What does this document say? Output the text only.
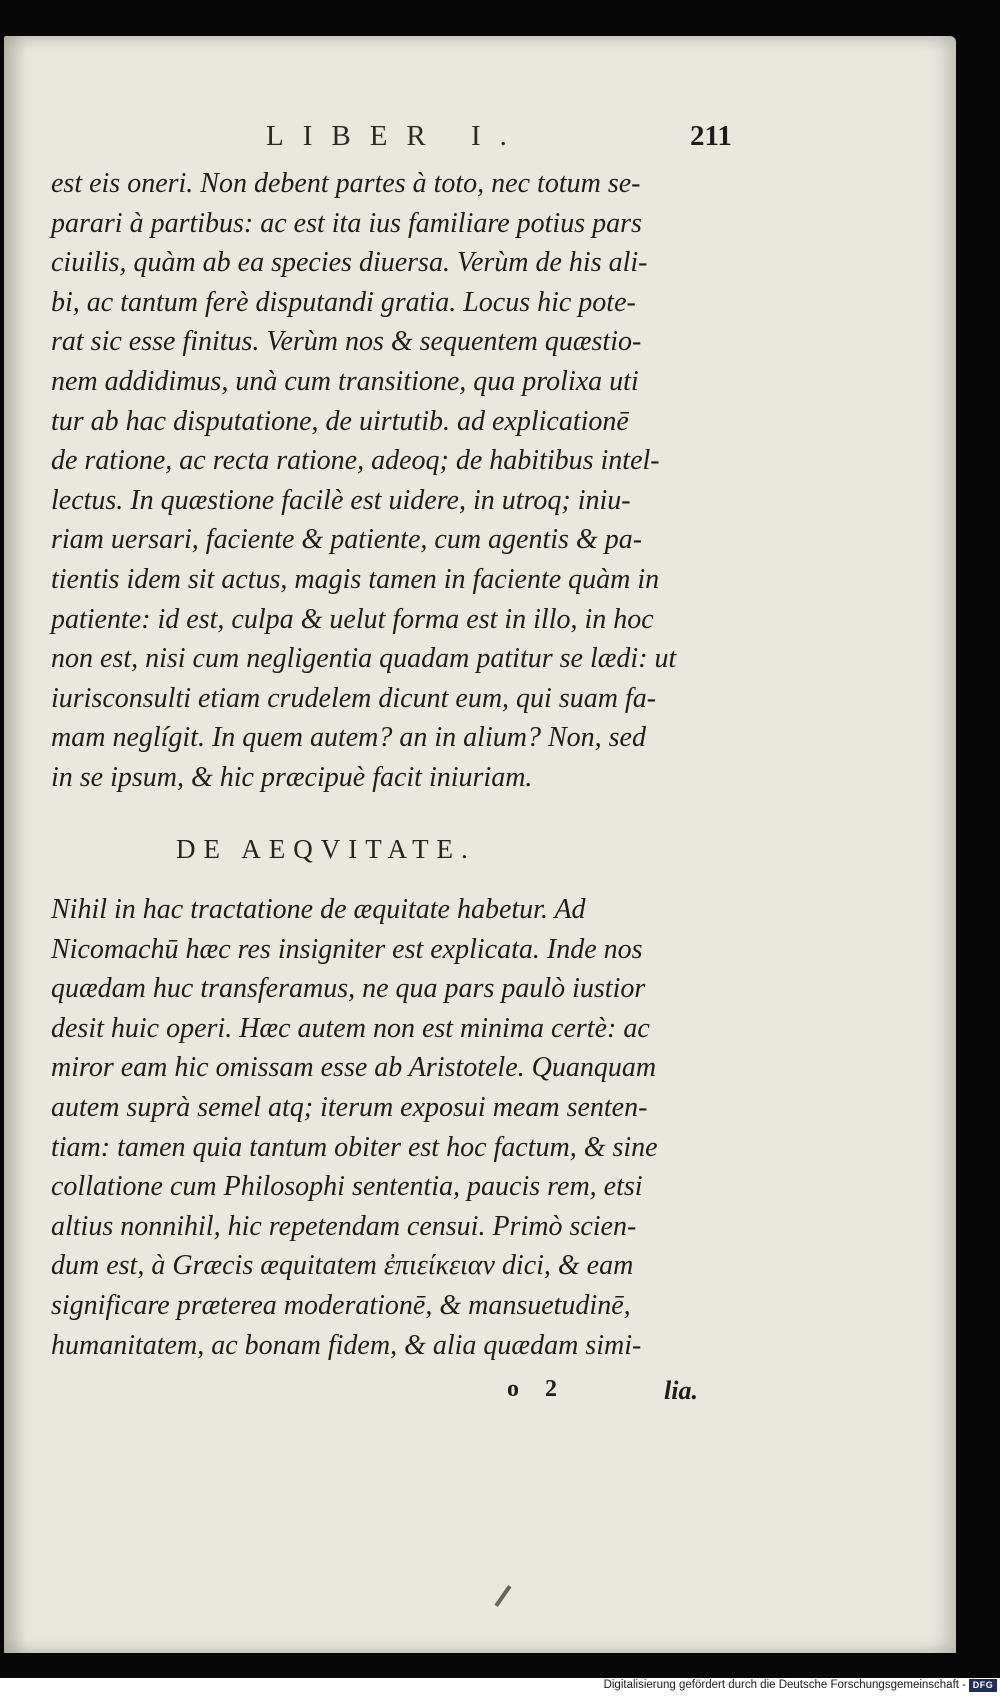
LIBER I.	211
est eis oneri. Non debent partes à toto, nec totum se-
parari à partibus: ac est ita ius familiare potius pars
ciuilis, quàm ab ea species diuersa. Verùm de his ali-
bi, ac tantum ferè disputandi gratia. Locus hic pote-
rat sic esse finitus. Verùm nos & sequentem quæstio-
nem addidimus, unà cum transitione, qua prolixa uti
tur ab hac disputatione, de uirtutib. ad explicationē
de ratione, ac recta ratione, adeoq; de habitibus intel-
lectus. In quæstione facilè est uidere, in utroq; iniu-
riam uersari, faciente & patiente, cum agentis & pa-
tientis idem sit actus, magis tamen in faciente quàm in
patiente: id est, culpa & uelut forma est in illo, in hoc
non est, nisi cum negligentia quadam patitur se lædi: ut
iurisconsulti etiam crudelem dicunt eum, qui suam fa-
mam neglígit. In quem autem? an in alium? Non, sed
in se ipsum, & hic præcipuè facit iniuriam.
DE AEQVITATE.
Nihil in hac tractatione de æquitate habetur. Ad
Nicomachū hæc res insigniter est explicata. Inde nos
quædam huc transferamus, ne qua pars paulò iustior
desit huic operi. Hæc autem non est minima certè: ac
miror eam hic omissam esse ab Aristotele. Quanquam
autem suprà semel atq; iterum exposui meam senten-
tiam: tamen quia tantum obiter est hoc factum, & sine
collatione cum Philosophi sententia, paucis rem, etsi
altius nonnihil, hic repetendam censui. Primò scien-
dum est, à Græcis æquitatem ἐπιείκειαν dici, & eam
significare præterea moderationē, & mansuetudinē,
humanitatem, ac bonam fidem, & alia quædam simi-
o 2	lia.
Digitalisierung gefördert durch die Deutsche Forschungsgemeinschaft - DFG
